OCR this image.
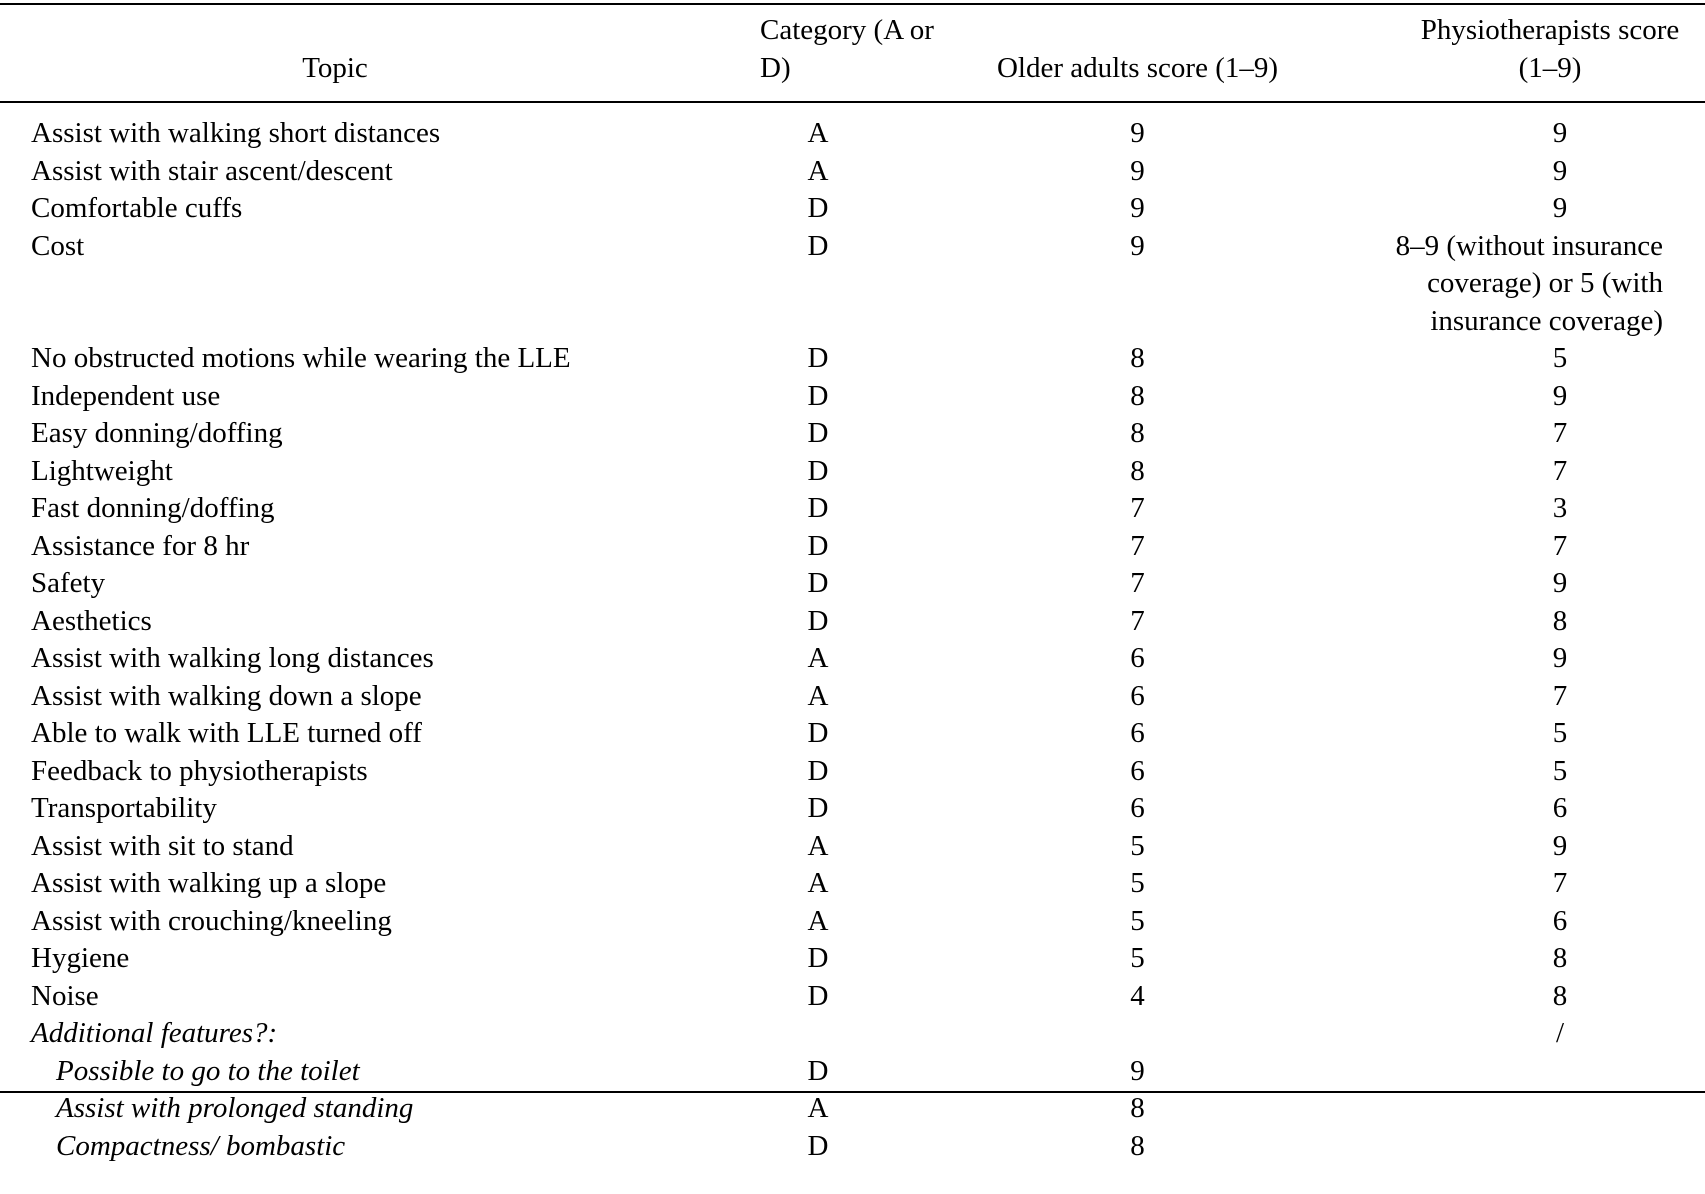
Topic	Category (A or D)	Older adults score (1–9)	Physiotherapists score
(1–9)

Assist with walking short distances	A	9	9
Assist with stair ascent/descent	A	9	9
Comfortable cuffs	D	9	9
Cost	D	9	8–9 (without insurance
coverage) or 5 (with
insurance coverage)
No obstructed motions while wearing the LLE	D	8	5
Independent use	D	8	9
Easy donning/doffing	D	8	7
Lightweight	D	8	7
Fast donning/doffing	D	7	3
Assistance for 8 hr	D	7	7
Safety	D	7	9
Aesthetics	D	7	8
Assist with walking long distances	A	6	9
Assist with walking down a slope	A	6	7
Able to walk with LLE turned off	D	6	5
Feedback to physiotherapists	D	6	5
Transportability	D	6	6
Assist with sit to stand	A	5	9
Assist with walking up a slope	A	5	7
Assist with crouching/kneeling	A	5	6
Hygiene	D	5	8
Noise	D	4	8
Additional features?:			/
Possible to go to the toilet	D	9	
Assist with prolonged standing	A	8	
Compactness/ bombastic	D	8	
